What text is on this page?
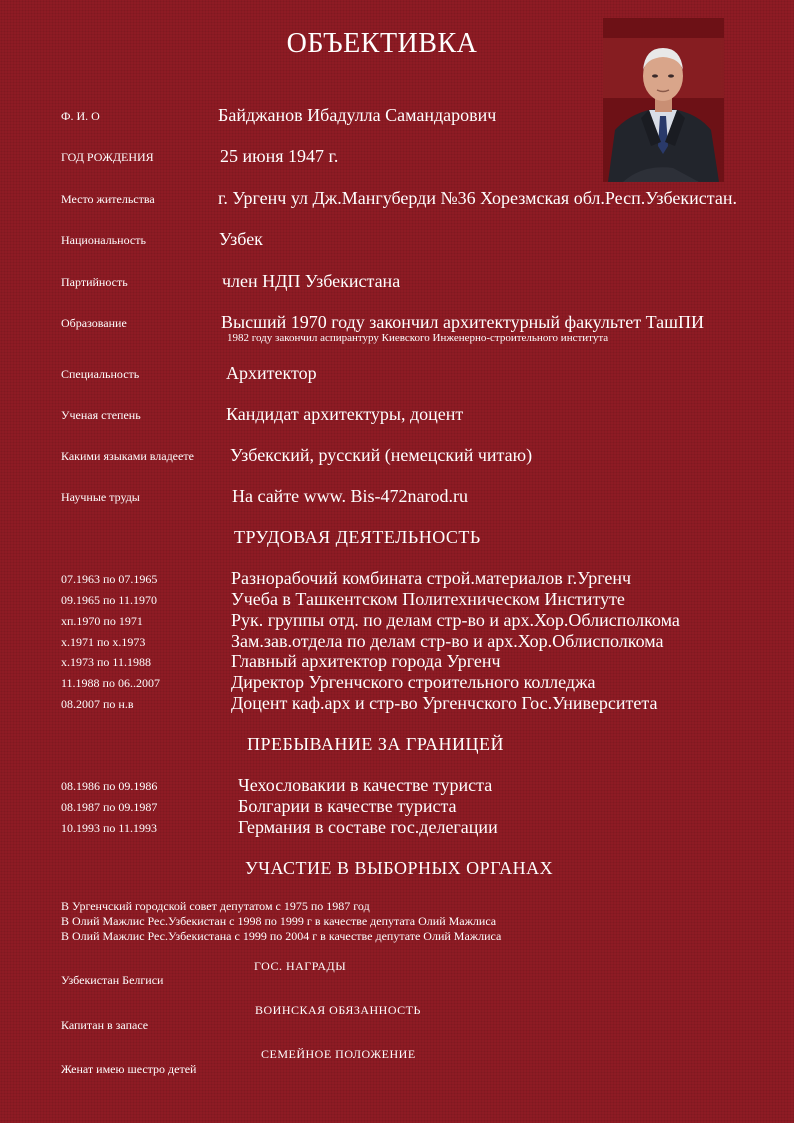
ОБЪЕКТИВКА
Ф. И. О	Байджанов Ибадулла Самандарович
ГОД РОЖДЕНИЯ	25 июня 1947 г.
Место жительства	г. Ургенч ул Дж.Мангуберди №36 Хорезмская обл.Респ.Узбекистан.
Национальность	Узбек
Партийность	член НДП Узбекистана
Образование	Высший 1970 году закончил архитектурный факультет ТашПИ
1982 году закончил аспирантуру Киевского Инженерно-строительного института
Специальность	Архитектор
Ученая степень	Кандидат архитектуры, доцент
Какими языками владеете Узбекский, русский (немецский читаю)
Научные труды	На сайте www. Bis-472narod.ru
ТРУДОВАЯ ДЕЯТЕЛЬНОСТЬ
07.1963 по 07.1965	Разнорабочий комбината строй.материалов г.Ургенч
09.1965 по 11.1970	Учеба в Ташкентском Политехническом Институте
хп.1970 по 1971	Рук. группы отд. по делам стр-во и арх.Хор.Облисполкома
х.1971 по х.1973	Зам.зав.отдела по делам стр-во и арх.Хор.Облисполкома
х.1973 по 11.1988	Главный архитектор города Ургенч
11.1988 по 06..2007	Директор Ургенчского строительного колледжа
08.2007 по н.в	Доцент каф.арх и стр-во Ургенчского Гос.Университета
ПРЕБЫВАНИЕ ЗА ГРАНИЦЕЙ
08.1986 по 09.1986	Чехословакии в качестве туриста
08.1987 по 09.1987	Болгарии в качестве туриста
10.1993 по 11.1993	Германия в составе гос.делегации
УЧАСТИЕ В ВЫБОРНЫХ ОРГАНАХ
В Ургенчский городской совет депутатом с 1975 по 1987 год
В Олий Мажлис Рес.Узбекистан с 1998 по 1999 г в качестве депутата Олий Мажлиса
В Олий Мажлис Рес.Узбекистана с 1999 по 2004 г в качестве депутате Олий Мажлиса
ГОС. НАГРАДЫ
Узбекистан Белгиси
ВОИНСКАЯ ОБЯЗАННОСТЬ
Капитан в запасе
СЕМЕЙНОЕ ПОЛОЖЕНИЕ
Женат имею шестро детей
